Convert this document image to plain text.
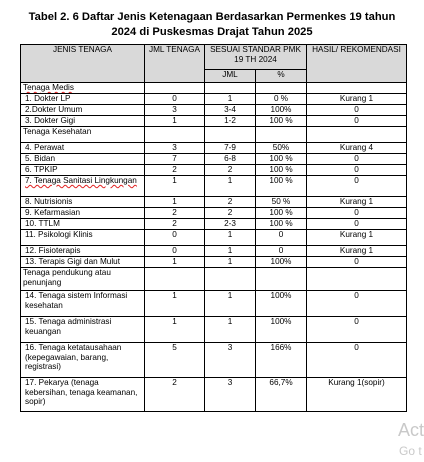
Tabel 2. 6 Daftar Jenis Ketenagaan Berdasarkan Permenkes 19 tahun
2024 di Puskesmas Drajat Tahun 2025
JENIS TENAGA	JML TENAGA	SESUAI STANDAR PMK 19 TH 2024		HASIL/ REKOMENDASI
		JML	%	
Tenaga Medis				
1. Dokter LP	0	1	0 %	Kurang 1
2.Dokter Umum	3	3-4	100%	0
3. Dokter Gigi	1	1-2	100 %	0
Tenaga Kesehatan				
4. Perawat	3	7-9	50%	Kurang 4
5. Bidan	7	6-8	100 %	0
6. TPKIP	2	2	100 %	0
7. Tenaga Sanitasi Lingkungan	1	1	100 %	0
8. Nutrisionis	1	2	50 %	Kurang 1
9. Kefarmasian	2	2	100 %	0
10. TTLM	2	2-3	100 %	0
11. Psikologi Klinis	0	1	0	Kurang 1
12. Fisioterapis	0	1	0	Kurang 1
13. Terapis Gigi dan Mulut	1	1	100%	0
Tenaga pendukung atau penunjang				
14. Tenaga sistem Informasi kesehatan	1	1	100%	0
15. Tenaga administrasi keuangan	1	1	100%	0
16. Tenaga ketatausahaan (kepegawaian, barang, registrasi)	5	3	166%	0
17. Pekarya (tenaga kebersihan, tenaga keamanan, sopir)	2	3	66,7%	Kurang 1(sopir)
Act
Go t
